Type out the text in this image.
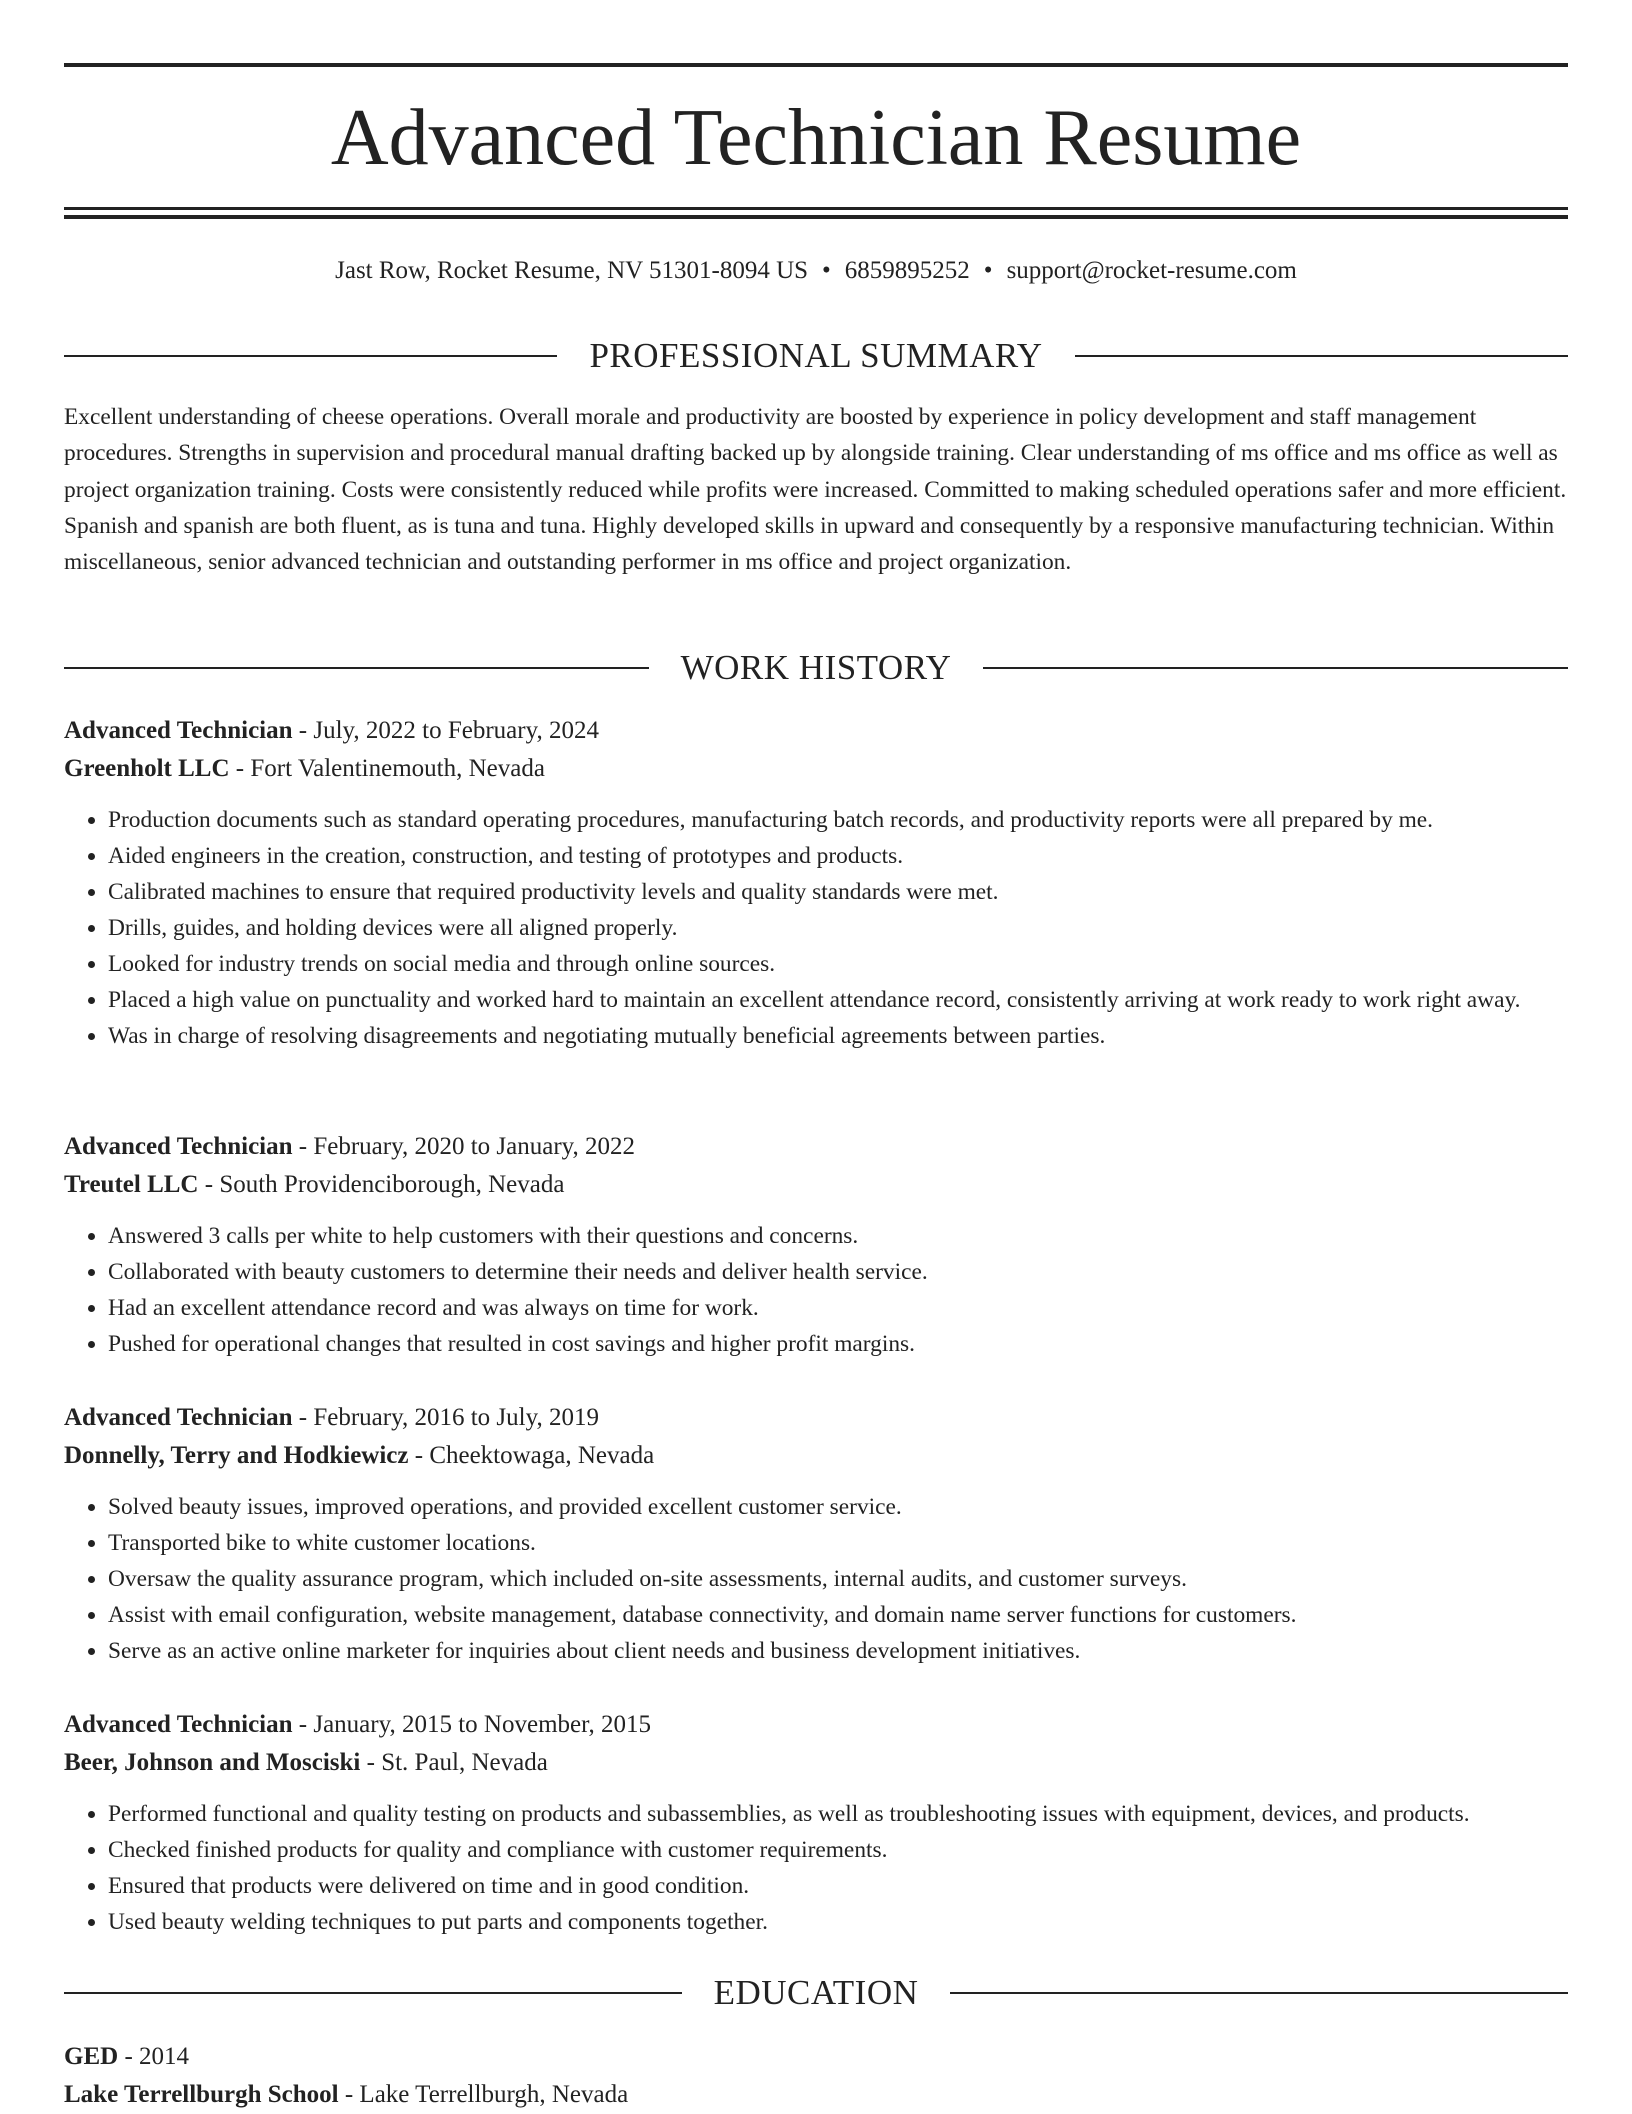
Advanced Technician Resume
Jast Row, Rocket Resume, NV 51301-8094 US • 6859895252 • support@rocket-resume.com
PROFESSIONAL SUMMARY

Excellent understanding of cheese operations. Overall morale and productivity are boosted by experience in policy development and staff management procedures. Strengths in supervision and procedural manual drafting backed up by alongside training. Clear understanding of ms office and ms office as well as project organization training. Costs were consistently reduced while profits were increased. Committed to making scheduled operations safer and more efficient. Spanish and spanish are both fluent, as is tuna and tuna. Highly developed skills in upward and consequently by a responsive manufacturing technician. Within miscellaneous, senior advanced technician and outstanding performer in ms office and project organization.

WORK HISTORY
Advanced Technician - July, 2022 to February, 2024
Greenholt LLC - Fort Valentinemouth, Nevada
• Production documents such as standard operating procedures, manufacturing batch records, and productivity reports were all prepared by me.
• Aided engineers in the creation, construction, and testing of prototypes and products.
• Calibrated machines to ensure that required productivity levels and quality standards were met.
• Drills, guides, and holding devices were all aligned properly.
• Looked for industry trends on social media and through online sources.
• Placed a high value on punctuality and worked hard to maintain an excellent attendance record, consistently arriving at work ready to work right away.
• Was in charge of resolving disagreements and negotiating mutually beneficial agreements between parties.
Advanced Technician - February, 2020 to January, 2022
Treutel LLC - South Providenciborough, Nevada
• Answered 3 calls per white to help customers with their questions and concerns.
• Collaborated with beauty customers to determine their needs and deliver health service.
• Had an excellent attendance record and was always on time for work.
• Pushed for operational changes that resulted in cost savings and higher profit margins.
Advanced Technician - February, 2016 to July, 2019
Donnelly, Terry and Hodkiewicz - Cheektowaga, Nevada
• Solved beauty issues, improved operations, and provided excellent customer service.
• Transported bike to white customer locations.
• Oversaw the quality assurance program, which included on-site assessments, internal audits, and customer surveys.
• Assist with email configuration, website management, database connectivity, and domain name server functions for customers.
• Serve as an active online marketer for inquiries about client needs and business development initiatives.
Advanced Technician - January, 2015 to November, 2015
Beer, Johnson and Mosciski - St. Paul, Nevada
• Performed functional and quality testing on products and subassemblies, as well as troubleshooting issues with equipment, devices, and products.
• Checked finished products for quality and compliance with customer requirements.
• Ensured that products were delivered on time and in good condition.
• Used beauty welding techniques to put parts and components together.
EDUCATION
GED - 2014
Lake Terrellburgh School - Lake Terrellburgh, Nevada
